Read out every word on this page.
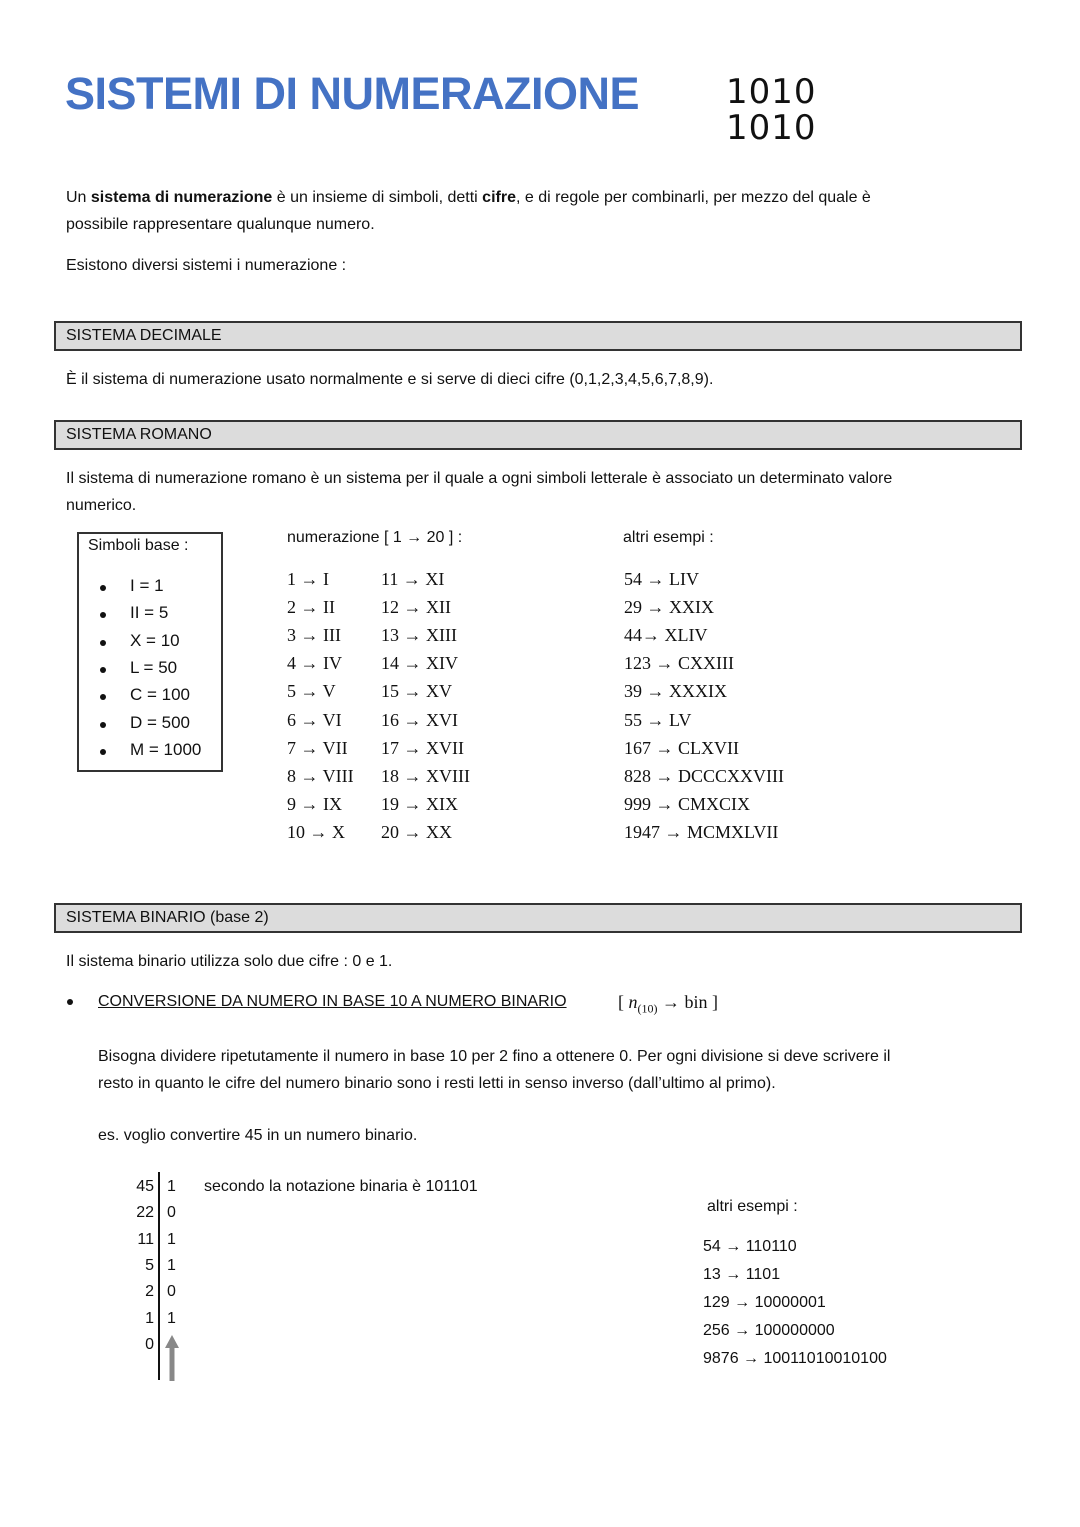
SISTEMI DI NUMERAZIONE	1010
1010
Un sistema di numerazione è un insieme di simboli, detti cifre, e di regole per combinarli, per mezzo del quale è
possibile rappresentare qualunque numero.
Esistono diversi sistemi i numerazione :
SISTEMA DECIMALE
È il sistema di numerazione usato normalmente e si serve di dieci cifre (0,1,2,3,4,5,6,7,8,9).
SISTEMA ROMANO
Il sistema di numerazione romano è un sistema per il quale a ogni simboli letterale è associato un determinato valore
numerico.
Simboli base :
I = 1
II = 5
X = 10
L = 50
C = 100
D = 500
M = 1000
numerazione [ 1 → 20 ] :	altri esempi :
1 → I	11 → XI	54 → LIV
2 → II	12 → XII	29 → XXIX
3 → III 13 → XIII	44→ XLIV
4 → IV 14 → XIV	123 → CXXIII
5 → V	15 → XV	39 → XXXIX
6 → VI 16 → XVI	55 → LV
7 → VII 17 → XVII	167 → CLXVII
8 → VIII 18 → XVIII	828 → DCCCXXVIII
9 → IX 19 → XIX	999 → CMXCIX
10 → X 20 → XX	1947 → MCMXLVII
SISTEMA BINARIO (base 2)
Il sistema binario utilizza solo due cifre : 0 e 1.
CONVERSIONE DA NUMERO IN BASE 10 A NUMERO BINARIO	[ $n_{(10)}$ → bin ]
Bisogna dividere ripetutamente il numero in base 10 per 2 fino a ottenere 0. Per ogni divisione si deve scrivere il
resto in quanto le cifre del numero binario sono i resti letti in senso inverso (dall’ultimo al primo).
es. voglio convertire 45 in un numero binario.
45 1
22 0
11 1
5 1
2 0
1 1
0
secondo la notazione binaria è 101101
altri esempi :
54 → 110110
13 → 1101
129 → 10000001
256 → 100000000
9876 → 10011010010100
